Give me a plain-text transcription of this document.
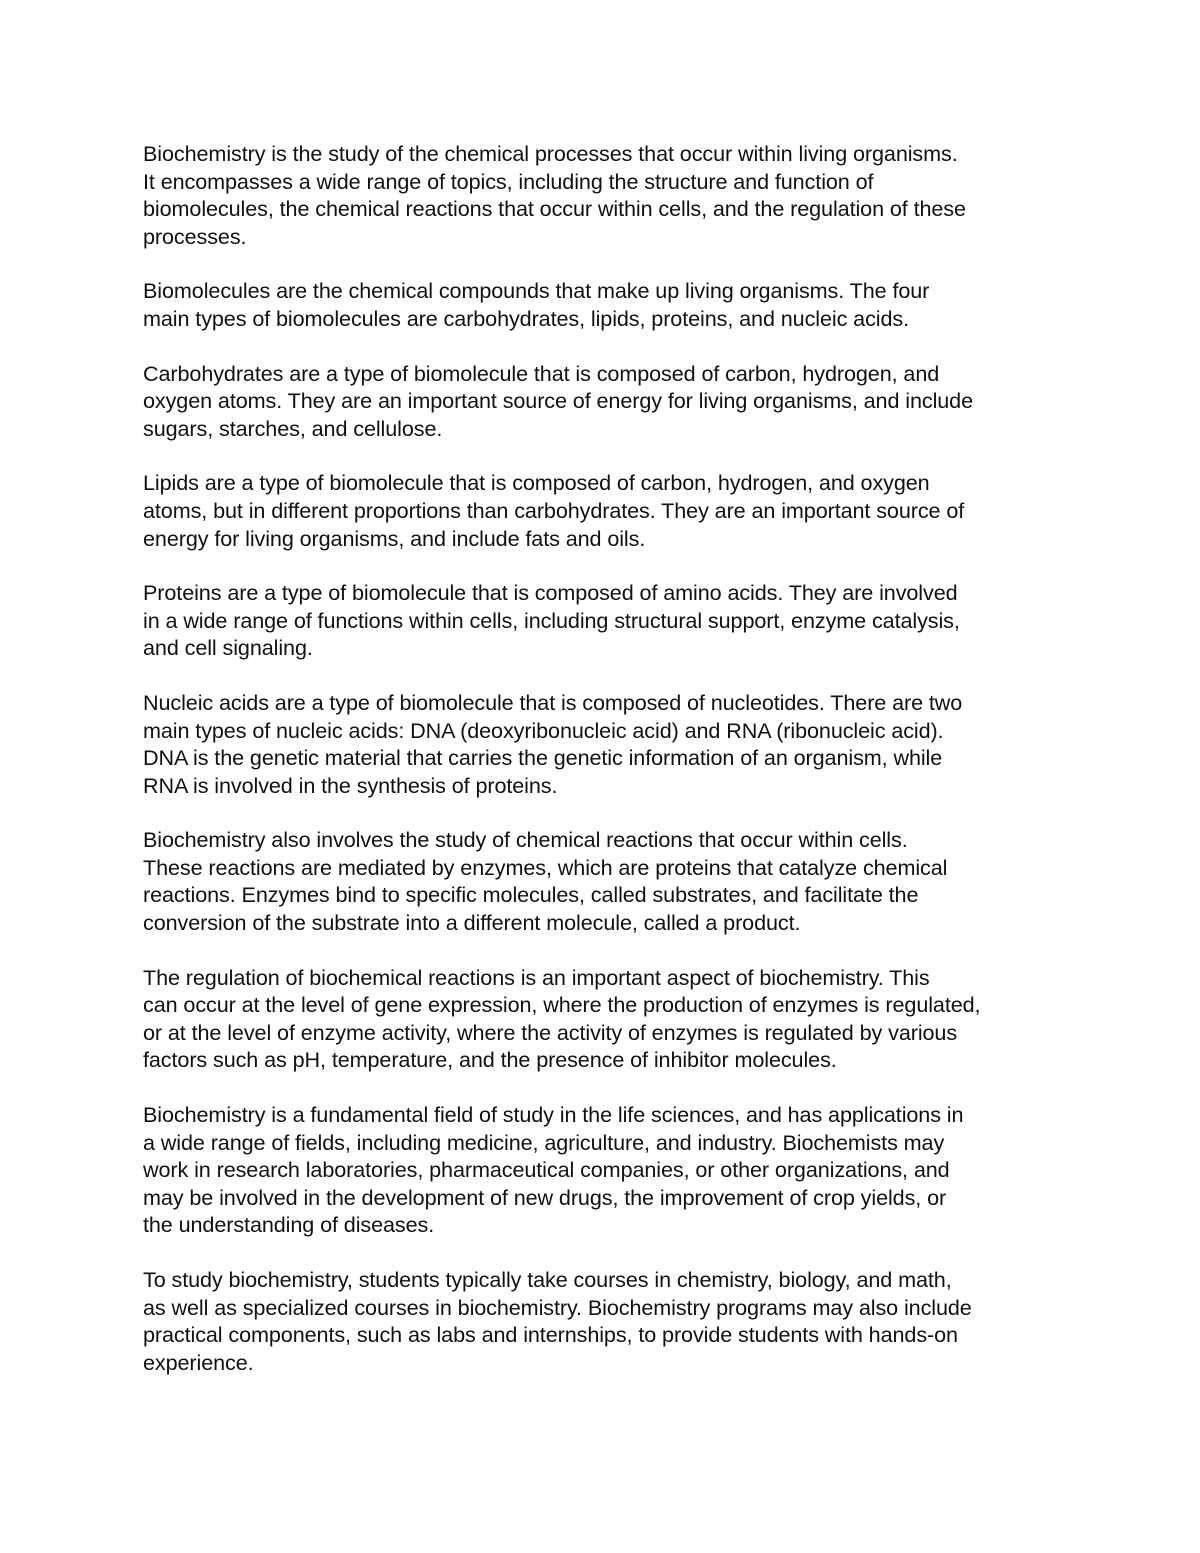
Biochemistry is the study of the chemical processes that occur within living organisms.
It encompasses a wide range of topics, including the structure and function of
biomolecules, the chemical reactions that occur within cells, and the regulation of these
processes.

Biomolecules are the chemical compounds that make up living organisms. The four
main types of biomolecules are carbohydrates, lipids, proteins, and nucleic acids.

Carbohydrates are a type of biomolecule that is composed of carbon, hydrogen, and
oxygen atoms. They are an important source of energy for living organisms, and include
sugars, starches, and cellulose.

Lipids are a type of biomolecule that is composed of carbon, hydrogen, and oxygen
atoms, but in different proportions than carbohydrates. They are an important source of
energy for living organisms, and include fats and oils.

Proteins are a type of biomolecule that is composed of amino acids. They are involved
in a wide range of functions within cells, including structural support, enzyme catalysis,
and cell signaling.

Nucleic acids are a type of biomolecule that is composed of nucleotides. There are two
main types of nucleic acids: DNA (deoxyribonucleic acid) and RNA (ribonucleic acid).
DNA is the genetic material that carries the genetic information of an organism, while
RNA is involved in the synthesis of proteins.

Biochemistry also involves the study of chemical reactions that occur within cells.
These reactions are mediated by enzymes, which are proteins that catalyze chemical
reactions. Enzymes bind to specific molecules, called substrates, and facilitate the
conversion of the substrate into a different molecule, called a product.

The regulation of biochemical reactions is an important aspect of biochemistry. This
can occur at the level of gene expression, where the production of enzymes is regulated,
or at the level of enzyme activity, where the activity of enzymes is regulated by various
factors such as pH, temperature, and the presence of inhibitor molecules.

Biochemistry is a fundamental field of study in the life sciences, and has applications in
a wide range of fields, including medicine, agriculture, and industry. Biochemists may
work in research laboratories, pharmaceutical companies, or other organizations, and
may be involved in the development of new drugs, the improvement of crop yields, or
the understanding of diseases.

To study biochemistry, students typically take courses in chemistry, biology, and math,
as well as specialized courses in biochemistry. Biochemistry programs may also include
practical components, such as labs and internships, to provide students with hands-on
experience.
